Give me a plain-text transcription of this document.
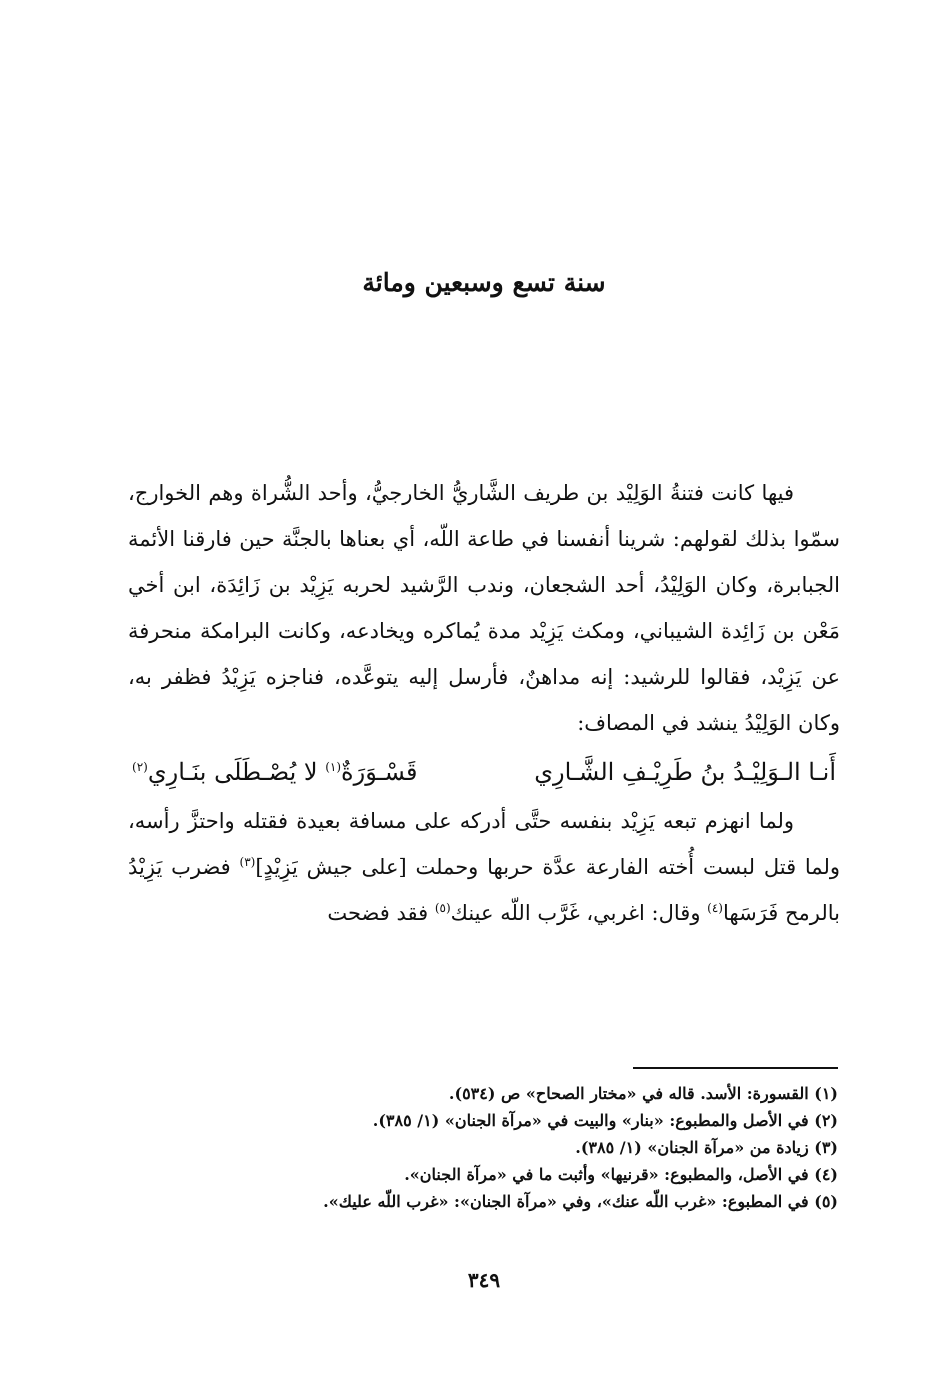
سنة تسع وسبعين ومائة

فيها كانت فتنةُ الوَلِيْد بن طريف الشَّاريُّ الخارجيُّ، وأحد الشُّراة وهم الخوارج، سمّوا بذلك لقولهم: شرينا أنفسنا في طاعة اللّه، أي بعناها بالجنَّة حين فارقنا الأئمة الجبابرة، وكان الوَلِيْدُ، أحد الشجعان، وندب الرَّشيد لحربه يَزِيْد بن زَائِدَة، ابن أخي مَعْن بن زَائِدة الشيباني، ومكث يَزِيْد مدة يُماكره ويخادعه، وكانت البرامكة منحرفة عن يَزِيْد، فقالوا للرشيد: إنه مداهنٌ، فأرسل إليه يتوعَّده، فناجزه يَزِيْدُ فظفر به، وكان الوَلِيْدُ ينشد في المصاف:

أَنـا الـوَلِيْـدُ بنُ طَرِيْـفِ الشَّـارِي
قَسْـوَرَةٌ$^{(١)}$ لا يُصْـطَلَى بنَـارِي$^{(٢)}$

ولما انهزم تبعه يَزِيْد بنفسه حتَّى أدركه على مسافة بعيدة فقتله واحتزَّ رأسه، ولما قتل لبست أُخته الفارعة عدَّة حربها وحملت [على جيش يَزِيْدٍ]$^{(٣)}$ فضرب يَزِيْدُ بالرمح فَرَسَها$^{(٤)}$ وقال: اغربي، غَرَّب اللّه عينك$^{(٥)}$ فقد فضحت

(١) القسورة: الأسد. قاله في «مختار الصحاح» ص (٥٣٤).
(٢) في الأصل والمطبوع: «بنار» والبيت في «مرآة الجنان» (١/ ٣٨٥).
(٣) زيادة من «مرآة الجنان» (١/ ٣٨٥).
(٤) في الأصل، والمطبوع: «قرنيها» وأثبت ما في «مرآة الجنان».
(٥) في المطبوع: «غرب اللّه عنك»، وفي «مرآة الجنان»: «غرب اللّه عليك».
٣٤٩
